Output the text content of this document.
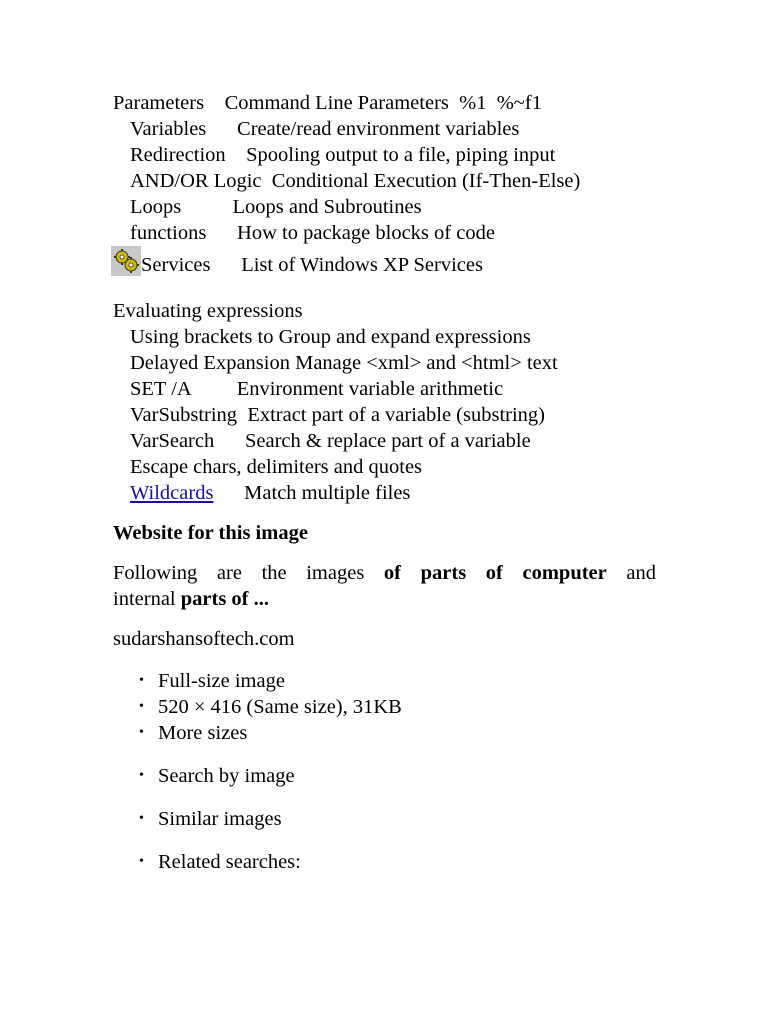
Parameters Command Line Parameters  %1  %~f1
Variables Create/read environment variables
Redirection Spooling output to a file, piping input
AND/OR Logic Conditional Execution (If-Then-Else)
Loops	Loops and Subroutines
functions How to package blocks of code
Services List of Windows XP Services
Evaluating expressions
Using brackets to Group and expand expressions
Delayed Expansion Manage <xml> and <html> text
SET /A Environment variable arithmetic
VarSubstring Extract part of a variable (substring)
VarSearch Search & replace part of a variable
Escape chars, delimiters and quotes
Wildcards Match multiple files
Website for this image
Following are the images of parts of computer and
internal parts of ...
sudarshansoftech.com
• Full-size image
• 520 × 416 (Same size), 31KB
• More sizes
• Search by image
• Similar images
• Related searches:
